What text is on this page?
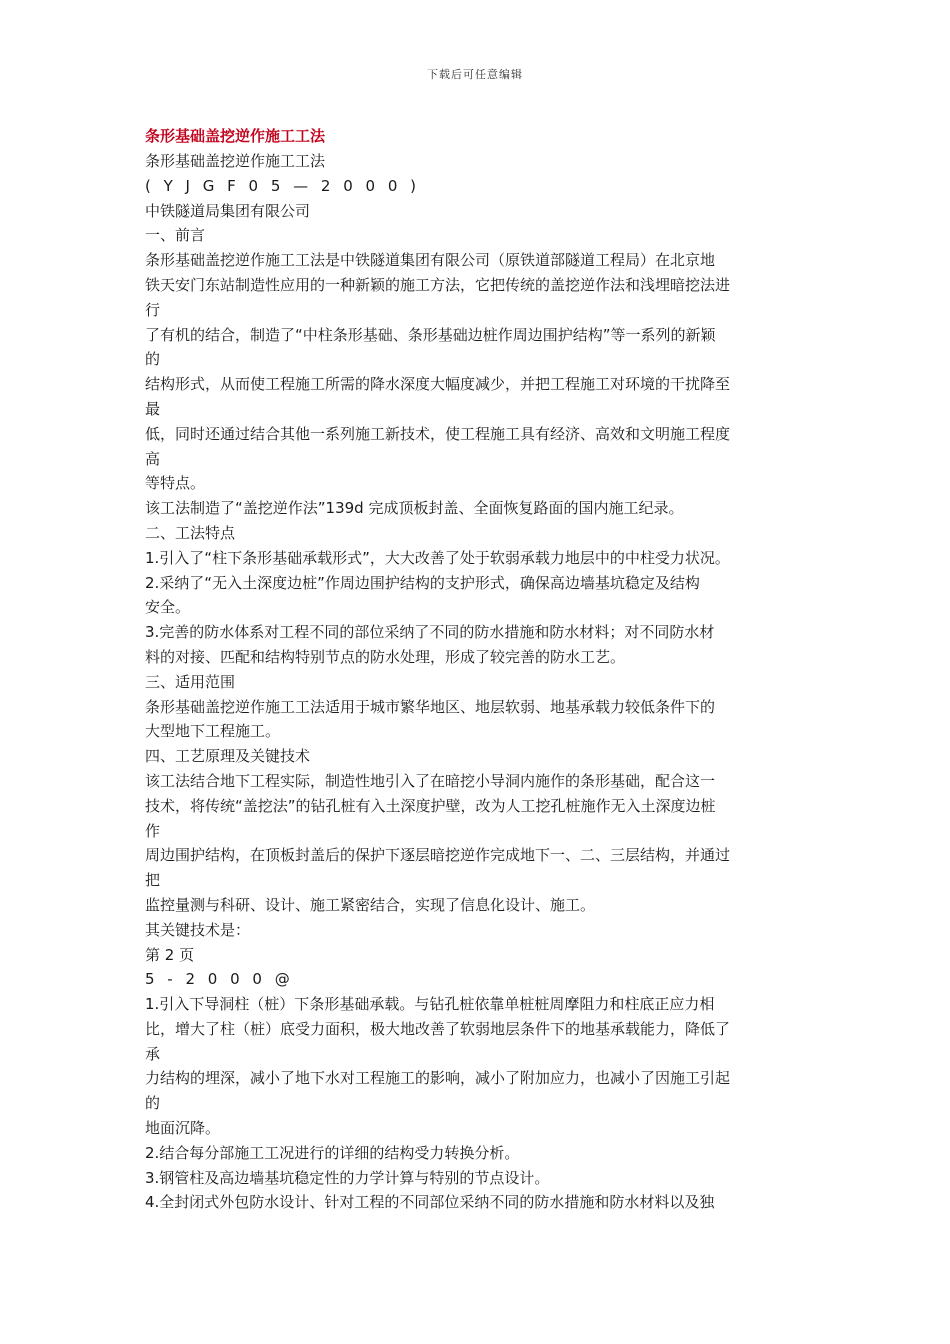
下载后可任意编辑
条形基础盖挖逆作施工工法
条形基础盖挖逆作施工工法
( Y J G F 0 5 — 2 0 0 0 )
中铁隧道局集团有限公司
一、前言
条形基础盖挖逆作施工工法是中铁隧道集团有限公司（原铁道部隧道工程局）在北京地
铁天安门东站制造性应用的一种新颖的施工方法，它把传统的盖挖逆作法和浅埋暗挖法进
行
了有机的结合，制造了“中柱条形基础、条形基础边桩作周边围护结构”等一系列的新颖
的
结构形式，从而使工程施工所需的降水深度大幅度减少，并把工程施工对环境的干扰降至
最
低，同时还通过结合其他一系列施工新技术，使工程施工具有经济、高效和文明施工程度
高
等特点。
该工法制造了“盖挖逆作法”139d 完成顶板封盖、全面恢复路面的国内施工纪录。
二、工法特点
1.引入了“柱下条形基础承载形式”，大大改善了处于软弱承载力地层中的中柱受力状况。
2.采纳了“无入土深度边桩”作周边围护结构的支护形式，确保高边墙基坑稳定及结构
安全。
3.完善的防水体系对工程不同的部位采纳了不同的防水措施和防水材料；对不同防水材
料的对接、匹配和结构特别节点的防水处理，形成了较完善的防水工艺。
三、适用范围
条形基础盖挖逆作施工工法适用于城市繁华地区、地层软弱、地基承载力较低条件下的
大型地下工程施工。
四、工艺原理及关键技术
该工法结合地下工程实际，制造性地引入了在暗挖小导洞内施作的条形基础，配合这一
技术，将传统“盖挖法”的钻孔桩有入土深度护壁，改为人工挖孔桩施作无入土深度边桩
作
周边围护结构，在顶板封盖后的保护下逐层暗挖逆作完成地下一、二、三层结构，并通过
把
监控量测与科研、设计、施工紧密结合，实现了信息化设计、施工。
其关键技术是：
第 2 页
5 - 2 0 0 0 @
1.引入下导洞柱（桩）下条形基础承载。与钻孔桩依靠单桩桩周摩阻力和柱底正应力相
比，增大了柱（桩）底受力面积，极大地改善了软弱地层条件下的地基承载能力，降低了
承
力结构的埋深，减小了地下水对工程施工的影响，减小了附加应力，也减小了因施工引起
的
地面沉降。
2.结合每分部施工工况进行的详细的结构受力转换分析。
3.钢管柱及高边墙基坑稳定性的力学计算与特别的节点设计。
4.全封闭式外包防水设计、针对工程的不同部位采纳不同的防水措施和防水材料以及独
